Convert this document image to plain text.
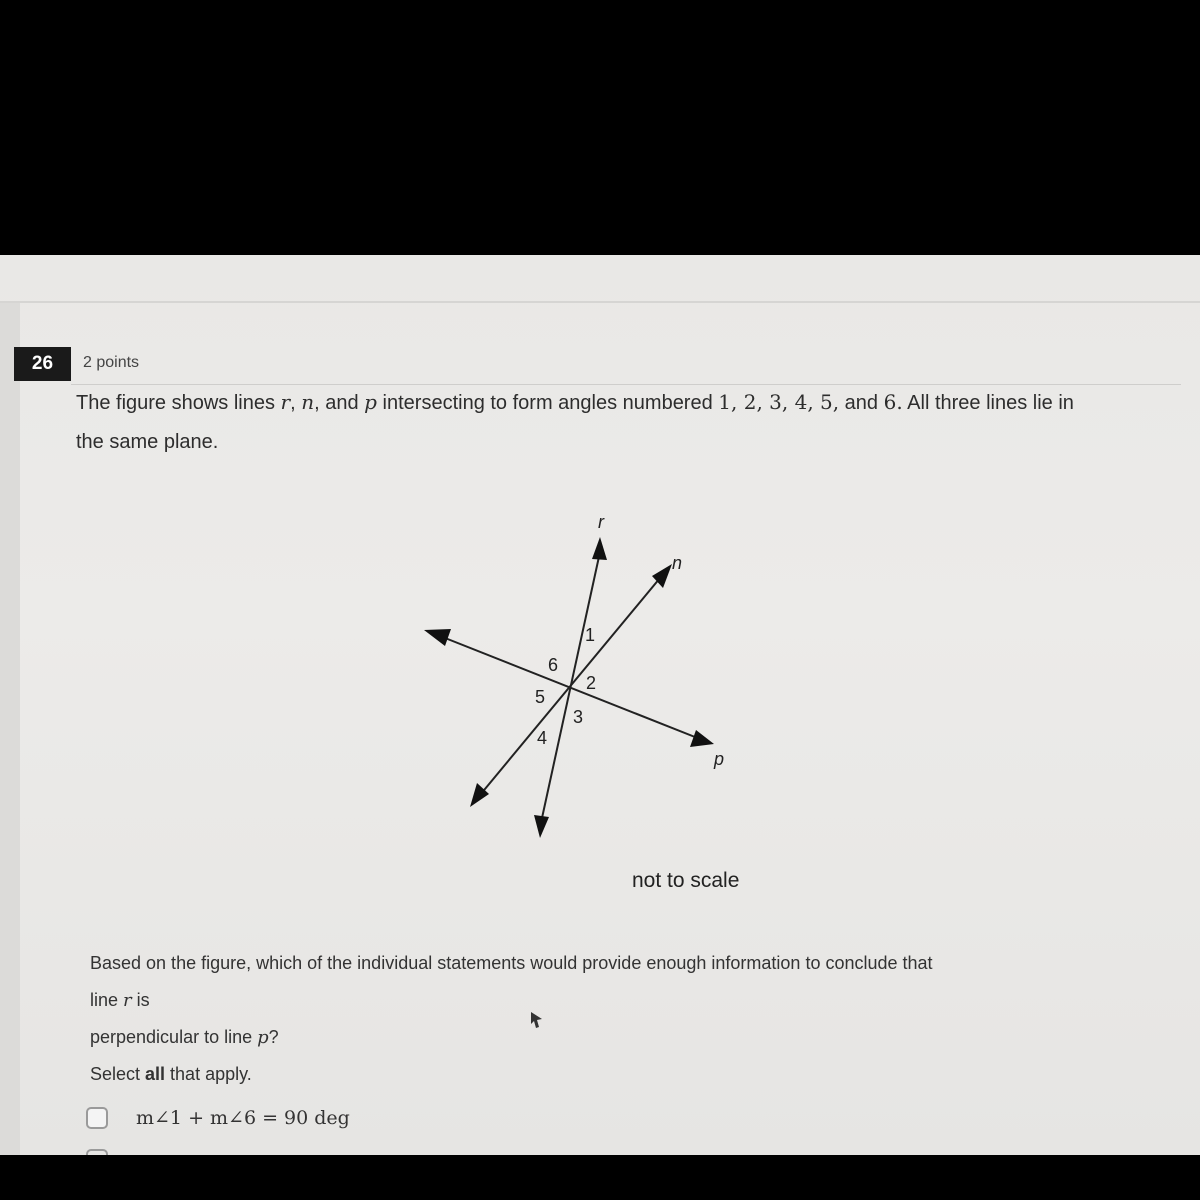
26	2 points
The figure shows lines r, n, and p intersecting to form angles numbered 1, 2, 3, 4, 5, and 6. All three lines lie in the same plane.
r
n
p
1
2
3
4
5
6
not to scale
Based on the figure, which of the individual statements would provide enough information to conclude that
line r is
perpendicular to line p?
Select all that apply.
m∠1 + m∠6 = 90 deg
